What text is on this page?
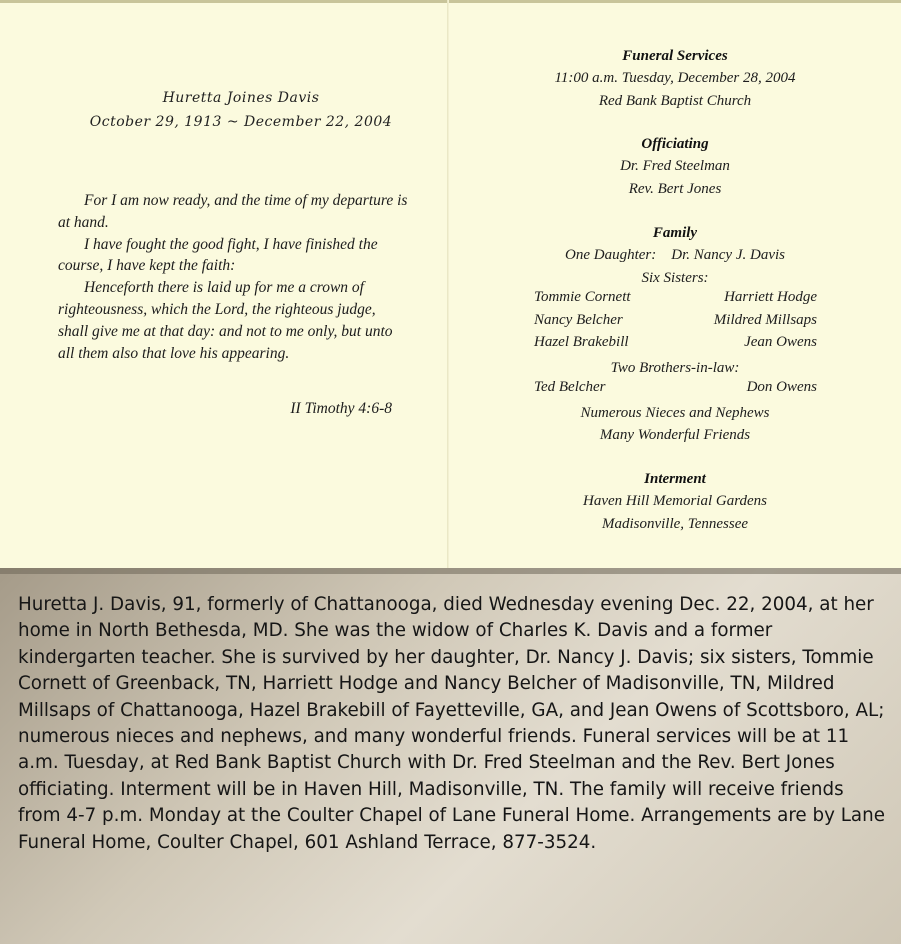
Huretta Joines Davis
October 29, 1913 ~ December 22, 2004

For I am now ready, and the time of my departure is at hand.

I have fought the good fight, I have finished the course, I have kept the faith:

Henceforth there is laid up for me a crown of righteousness, which the Lord, the righteous judge, shall give me at that day: and not to me only, but unto all them also that love his appearing.

II Timothy 4:6-8
Funeral Services
11:00 a.m. Tuesday, December 28, 2004
Red Bank Baptist Church
Officiating
Dr. Fred Steelman
Rev. Bert Jones
Family
One Daughter: Dr. Nancy J. Davis
Six Sisters:
Tommie Cornett	Harriett Hodge
Nancy Belcher	Mildred Millsaps
Hazel Brakebill	Jean Owens
Two Brothers-in-law:
Ted Belcher	Don Owens
Numerous Nieces and Nephews
Many Wonderful Friends
Interment
Haven Hill Memorial Gardens
Madisonville, Tennessee

Huretta J. Davis, 91, formerly of Chattanooga, died Wednesday evening Dec. 22, 2004, at her home in North Bethesda, MD. She was the widow of Charles K. Davis and a former kindergarten teacher. She is survived by her daughter, Dr. Nancy J. Davis; six sisters, Tommie Cornett of Greenback, TN, Harriett Hodge and Nancy Belcher of Madisonville, TN, Mildred Millsaps of Chattanooga, Hazel Brakebill of Fayetteville, GA, and Jean Owens of Scottsboro, AL; numerous nieces and nephews, and many wonderful friends. Funeral services will be at 11 a.m. Tuesday, at Red Bank Baptist Church with Dr. Fred Steelman and the Rev. Bert Jones officiating. Interment will be in Haven Hill, Madisonville, TN. The family will receive friends from 4-7 p.m. Monday at the Coulter Chapel of Lane Funeral Home. Arrangements are by Lane Funeral Home, Coulter Chapel, 601 Ashland Terrace, 877-3524.
